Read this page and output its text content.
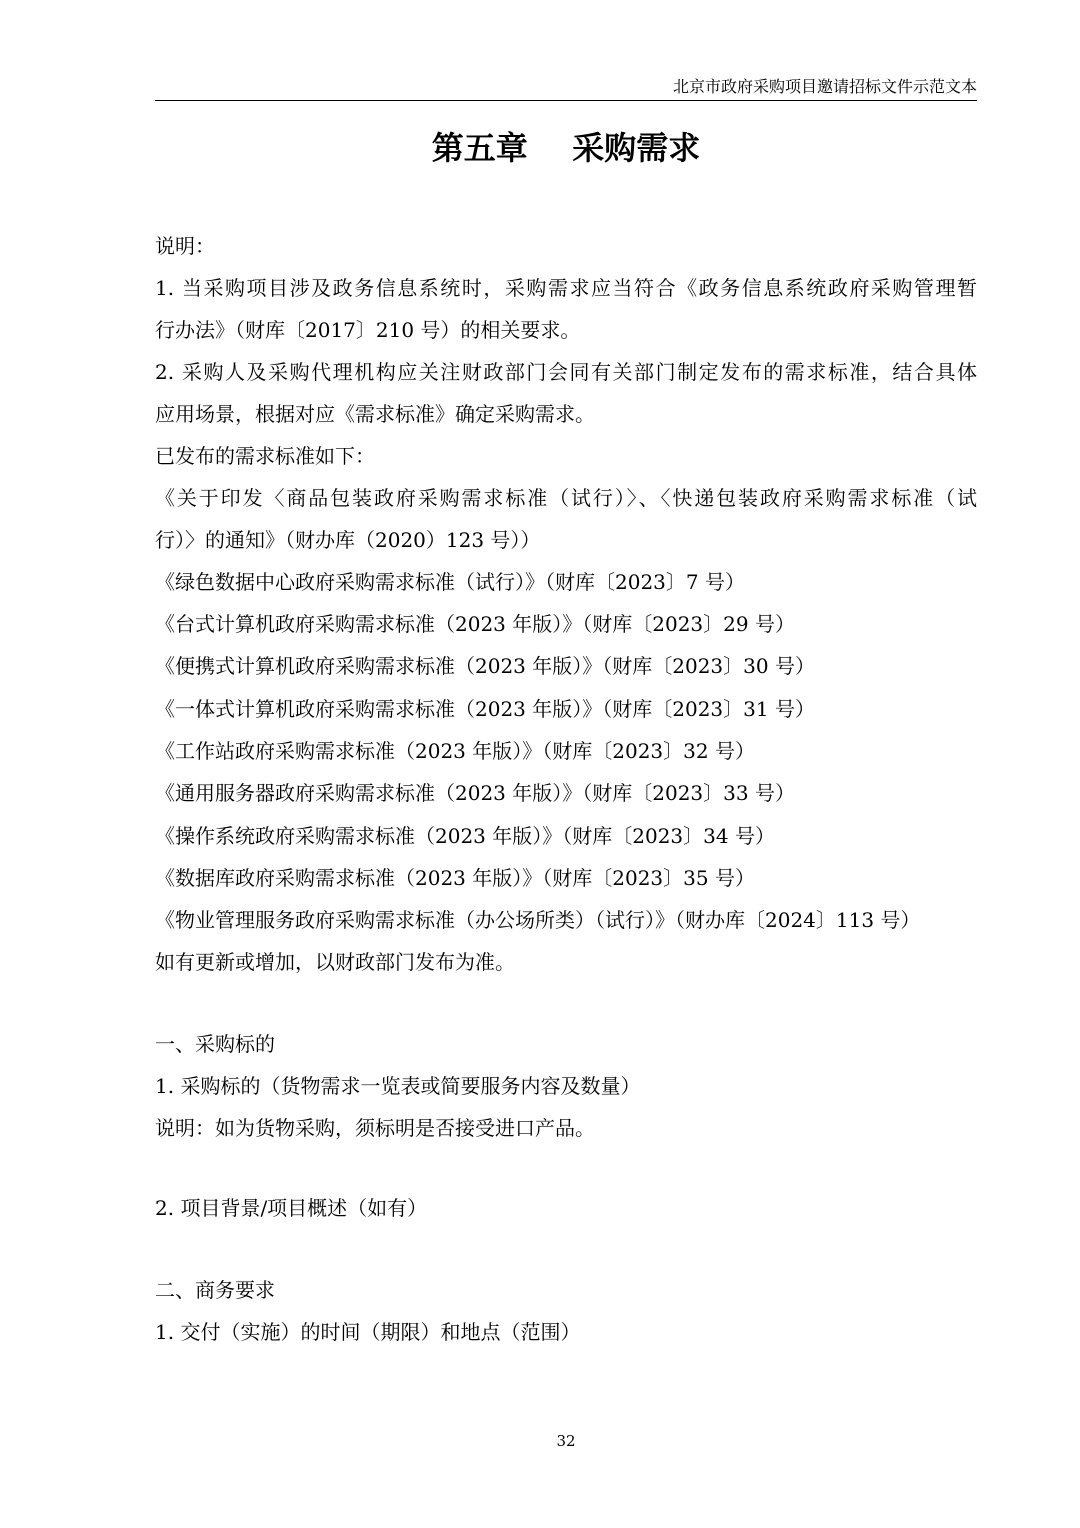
北京市政府采购项目邀请招标文件示范文本
第五章    采购需求
说明：
1. 当采购项目涉及政务信息系统时，采购需求应当符合《政务信息系统政府采购管理暂
行办法》（财库〔2017〕210 号）的相关要求。
2. 采购人及采购代理机构应关注财政部门会同有关部门制定发布的需求标准，结合具体
应用场景，根据对应《需求标准》确定采购需求。
已发布的需求标准如下：
《关于印发〈商品包装政府采购需求标准（试行）〉、〈快递包装政府采购需求标准（试
行）〉的通知》（财办库（2020）123 号））
《绿色数据中心政府采购需求标准（试行）》（财库〔2023〕7 号）
《台式计算机政府采购需求标准（2023 年版）》（财库〔2023〕29 号）
《便携式计算机政府采购需求标准（2023 年版）》（财库〔2023〕30 号）
《一体式计算机政府采购需求标准（2023 年版）》（财库〔2023〕31 号）
《工作站政府采购需求标准（2023 年版）》（财库〔2023〕32 号）
《通用服务器政府采购需求标准（2023 年版）》（财库〔2023〕33 号）
《操作系统政府采购需求标准（2023 年版）》（财库〔2023〕34 号）
《数据库政府采购需求标准（2023 年版）》（财库〔2023〕35 号）
《物业管理服务政府采购需求标准（办公场所类）（试行）》（财办库〔2024〕113 号）
如有更新或增加，以财政部门发布为准。
一、采购标的
1. 采购标的（货物需求一览表或简要服务内容及数量）
说明：如为货物采购，须标明是否接受进口产品。
2. 项目背景/项目概述（如有）
二、商务要求
1. 交付（实施）的时间（期限）和地点（范围）
32
